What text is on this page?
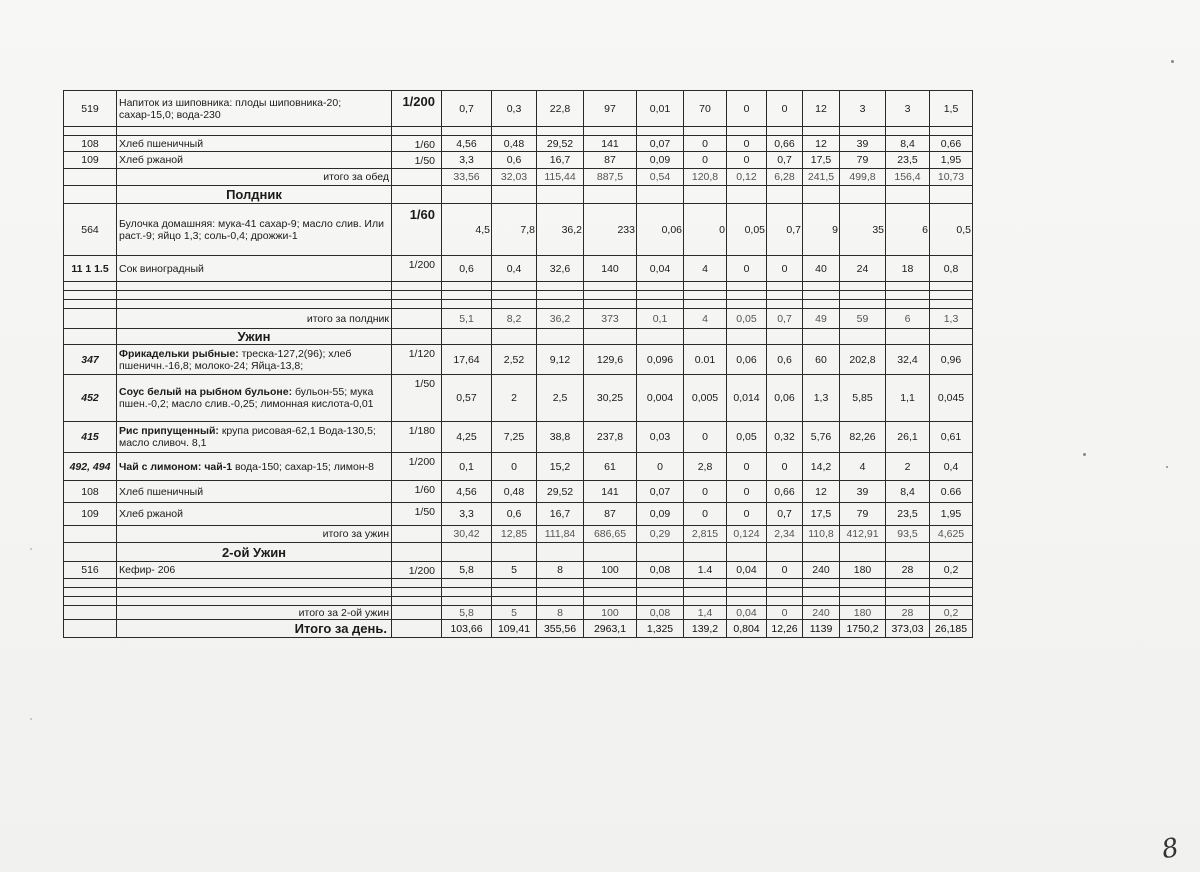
519	Напиток из шиповника: плоды шиповника-20; сахар-15,0; вода-230	1/200	0,7	0,3	22,8	97	0,01	70	0	0	12	3	3	1,5

108	Хлеб пшеничный	1/60	4,56	0,48	29,52	141	0,07	0	0	0,66	12	39	8,4	0,66
109	Хлеб ржаной	1/50	3,3	0,6	16,7	87	0,09	0	0	0,7	17,5	79	23,5	1,95
	итого за обед		33,56	32,03	115,44	887,5	0,54	120,8	0,12	6,28	241,5	499,8	156,4	10,73
	Полдник													
564	Булочка домашняя: мука-41 сахар-9; масло слив. Или раст.-9; яйцо 1,3; соль-0,4; дрожжи-1	1/60	4,5	7,8	36,2	233	0,06	0	0,05	0,7	9	35	6	0,5
11 1 1.5	Сок виноградный	1/200	0,6	0,4	32,6	140	0,04	4	0	0	40	24	18	0,8

	итого за полдник		5,1	8,2	36,2	373	0,1	4	0,05	0,7	49	59	6	1,3
	Ужин													
347	Фрикадельки рыбные: треска-127,2(96); хлеб пшеничн.-16,8; молоко-24; Яйца-13,8;	1/120	17,64	2,52	9,12	129,6	0,096	0.01	0,06	0,6	60	202,8	32,4	0,96
452	Соус белый на рыбном бульоне: бульон-55; мука пшен.-0,2; масло слив.-0,25; лимонная кислота-0,01	1/50	0,57	2	2,5	30,25	0,004	0,005	0,014	0,06	1,3	5,85	1,1	0,045
415	Рис припущенный: крупа рисовая-62,1 Вода-130,5; масло сливоч. 8,1	1/180	4,25	7,25	38,8	237,8	0,03	0	0,05	0,32	5,76	82,26	26,1	0,61
492, 494	Чай с лимоном: чай-1 вода-150; сахар-15; лимон-8	1/200	0,1	0	15,2	61	0	2,8	0	0	14,2	4	2	0,4
108	Хлеб пшеничный	1/60	4,56	0,48	29,52	141	0,07	0	0	0,66	12	39	8,4	0.66
109	Хлеб ржаной	1/50	3,3	0,6	16,7	87	0,09	0	0	0,7	17,5	79	23,5	1,95
	итого за ужин		30,42	12,85	111,84	686,65	0,29	2,815	0,124	2,34	110,8	412,91	93,5	4,625
	2-ой Ужин													
516	Кефир- 206	1/200	5,8	5	8	100	0,08	1.4	0,04	0	240	180	28	0,2

	итого за 2-ой ужин		5,8	5	8	100	0,08	1,4	0,04	0	240	180	28	0,2
	Итого за день.		103,66	109,41	355,56	2963,1	1,325	139,2	0,804	12,26	1139	1750,2	373,03	26,185
8
